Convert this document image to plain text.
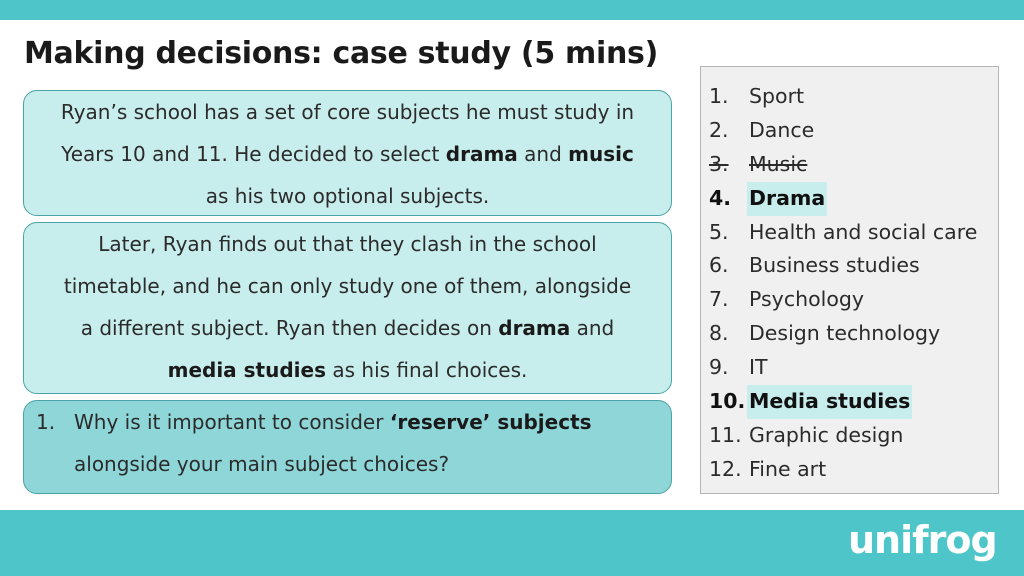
Making decisions: case study (5 mins)
Ryan’s school has a set of core subjects he must study in
Years 10 and 11. He decided to select drama and music
as his two optional subjects.
Later, Ryan finds out that they clash in the school
timetable, and he can only study one of them, alongside
a different subject. Ryan then decides on drama and
media studies as his final choices.
1. Why is it important to consider ‘reserve’ subjects
alongside your main subject choices?
1. Sport
2. Dance
3. Music
4. Drama
5. Health and social care
6. Business studies
7. Psychology
8. Design technology
9. IT
10. Media studies
11. Graphic design
12. Fine art
unifrog
